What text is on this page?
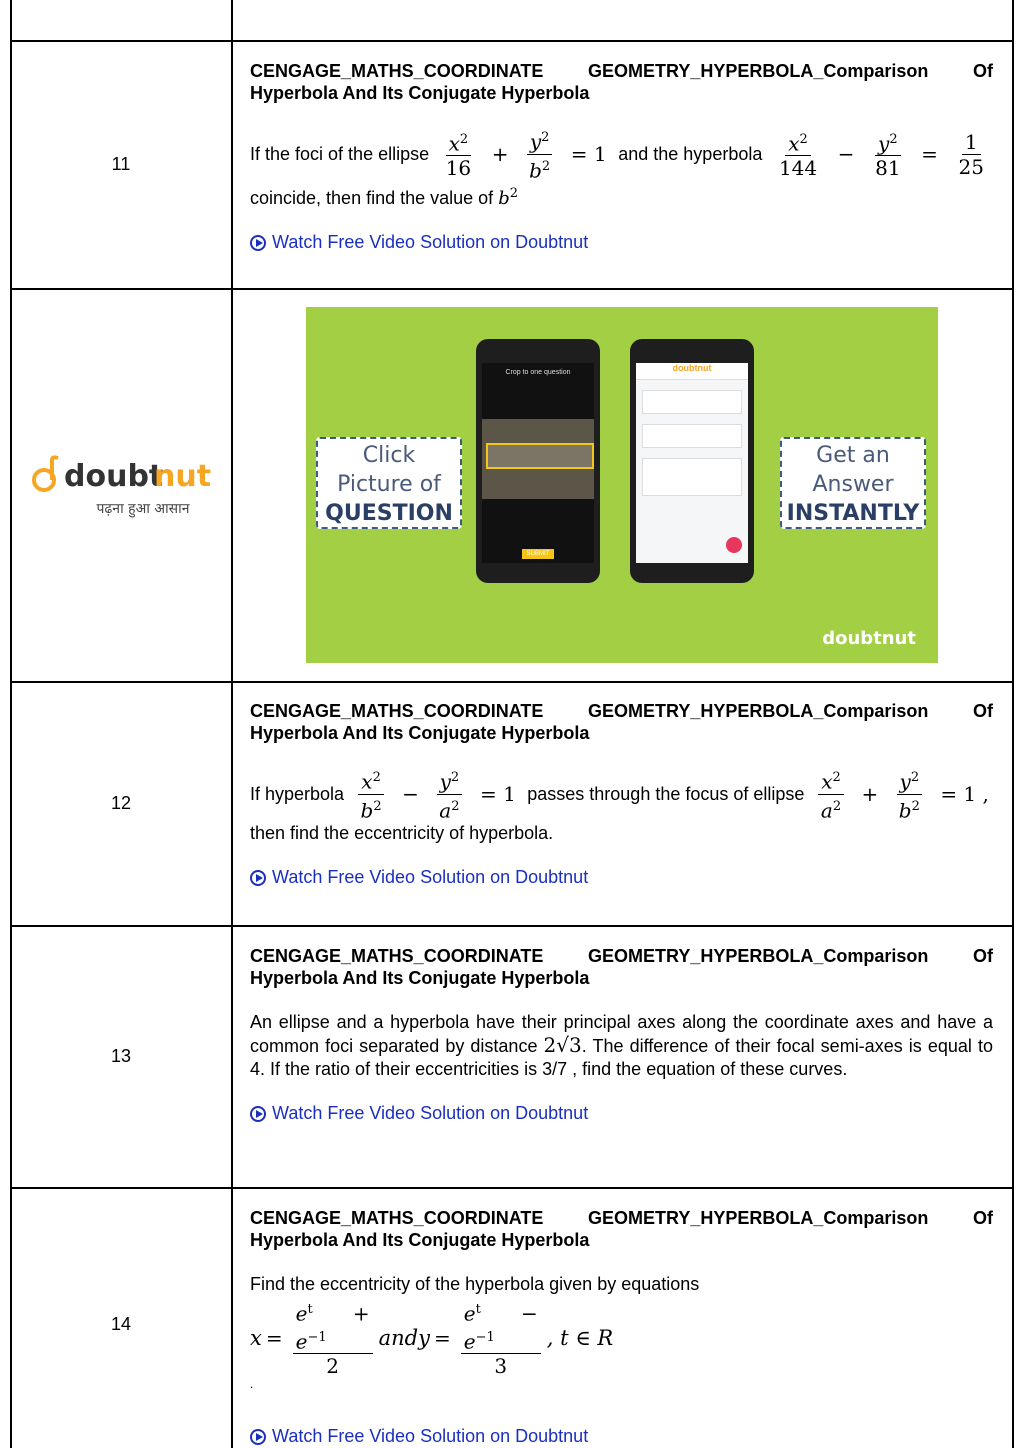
11
CENGAGE_MATHS_COORDINATE GEOMETRY_HYPERBOLA_Comparison Of Hyperbola And Its Conjugate Hyperbola
If the foci of the ellipse $\frac{x^2}{16} + \frac{y^2}{b^2} = 1$ and the hyperbola $\frac{x^2}{144} - \frac{y^2}{81} = \frac{1}{25}$
coincide, then find the value of $b^2$
Watch Free Video Solution on Doubtnut
doubt
nut
पढ़ना हुआ आसान
Click
Picture of
QUESTION
Crop to one question
SUBMIT
doubtnut
Get an
Answer
INSTANTLY
doubtnut
12
CENGAGE_MATHS_COORDINATE GEOMETRY_HYPERBOLA_Comparison Of Hyperbola And Its Conjugate Hyperbola
If hyperbola $\frac{x^2}{b^2} - \frac{y^2}{a^2} = 1$ passes through the focus of ellipse $\frac{x^2}{a^2} + \frac{y^2}{b^2} = 1$ ,
then find the eccentricity of hyperbola.
Watch Free Video Solution on Doubtnut
13
CENGAGE_MATHS_COORDINATE GEOMETRY_HYPERBOLA_Comparison Of Hyperbola And Its Conjugate Hyperbola
An ellipse and a hyperbola have their principal axes along the coordinate axes and have a common foci separated by distance 2√3. The difference of their focal semi-axes is equal to 4. If the ratio of their eccentricities is 3/7 , find the equation of these curves.
Watch Free Video Solution on Doubtnut
14
CENGAGE_MATHS_COORDINATE GEOMETRY_HYPERBOLA_Comparison Of Hyperbola And Its Conjugate Hyperbola
Find the eccentricity of the hyperbola given by equations
$x = \frac{e^t + e^{-1}}{2}$ andy = $\frac{e^t - e^{-1}}{3}$ , t ∈ R
.
Watch Free Video Solution on Doubtnut
